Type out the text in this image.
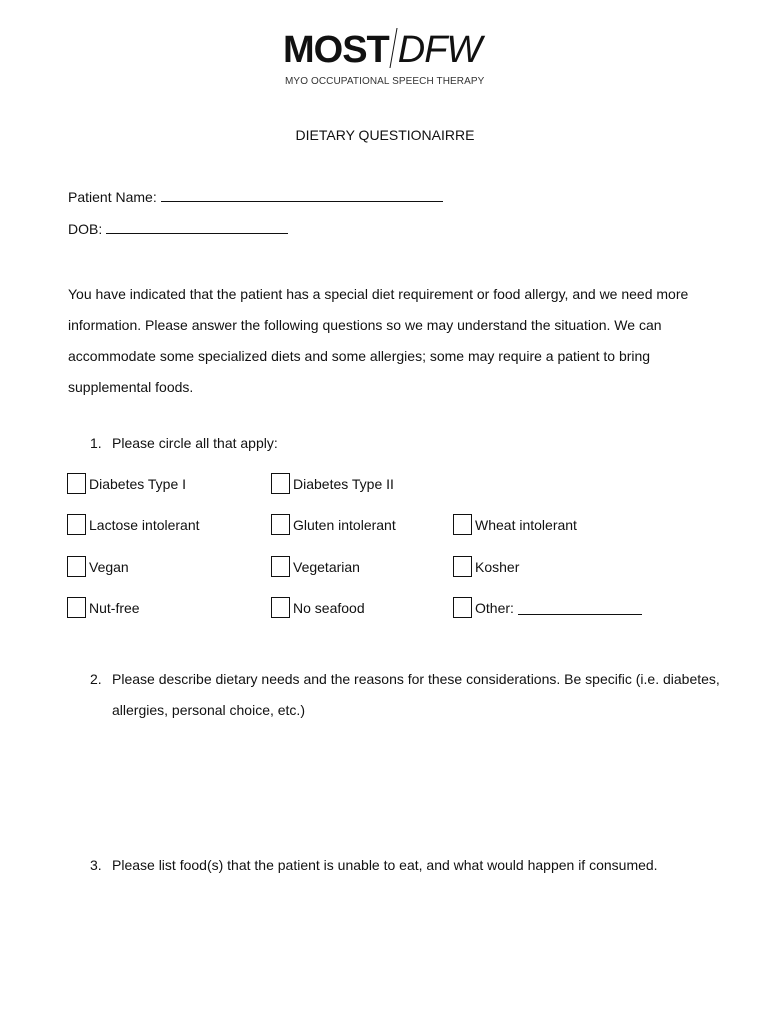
MOST DFW
MYO OCCUPATIONAL SPEECH THERAPY
DIETARY QUESTIONAIRRE
Patient Name:
DOB:
You have indicated that the patient has a special diet requirement or food allergy, and we need more information. Please answer the following questions so we may understand the situation. We can accommodate some specialized diets and some allergies; some may require a patient to bring supplemental foods.
1. Please circle all that apply:
Diabetes Type I	Diabetes Type II
Lactose intolerant	Gluten intolerant	Wheat intolerant
Vegan	Vegetarian	Kosher
Nut-free	No seafood	Other:
2. Please describe dietary needs and the reasons for these considerations. Be specific (i.e. diabetes, allergies, personal choice, etc.)
3. Please list food(s) that the patient is unable to eat, and what would happen if consumed.
